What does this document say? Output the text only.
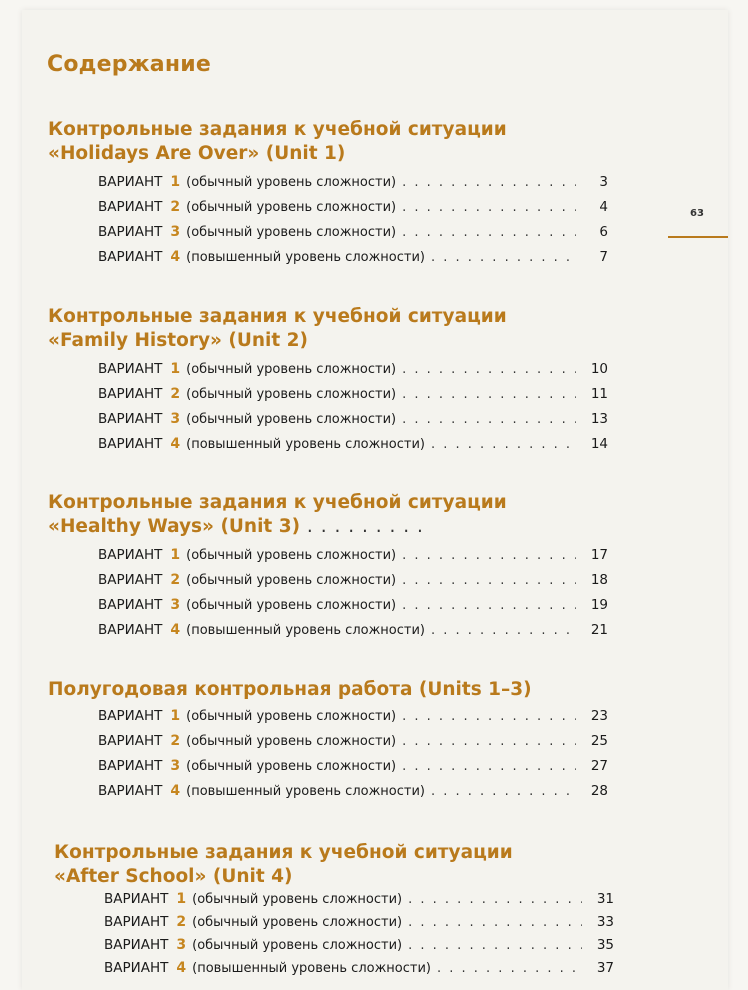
Содержание
63
Контрольные задания к учебной ситуации
«Holidays Are Over» (Unit 1)
ВАРИАНТ 1 (обычный уровень сложности) . . .	3
ВАРИАНТ 2 (обычный уровень сложности) . . .	4
ВАРИАНТ 3 (обычный уровень сложности) . . .	6
ВАРИАНТ 4 (повышенный уровень сложности) . . .	7
Контрольные задания к учебной ситуации
«Family History» (Unit 2)
ВАРИАНТ 1 (обычный уровень сложности) . . .	10
ВАРИАНТ 2 (обычный уровень сложности) . . .	11
ВАРИАНТ 3 (обычный уровень сложности) . . .	13
ВАРИАНТ 4 (повышенный уровень сложности) . . .	14
Контрольные задания к учебной ситуации
«Healthy Ways» (Unit 3) . . .
ВАРИАНТ 1 (обычный уровень сложности) . . .	17
ВАРИАНТ 2 (обычный уровень сложности) . . .	18
ВАРИАНТ 3 (обычный уровень сложности) . . .	19
ВАРИАНТ 4 (повышенный уровень сложности) . . .	21
Полугодовая контрольная работа (Units 1–3)
ВАРИАНТ 1 (обычный уровень сложности) . . .	23
ВАРИАНТ 2 (обычный уровень сложности) . . .	25
ВАРИАНТ 3 (обычный уровень сложности) . . .	27
ВАРИАНТ 4 (повышенный уровень сложности) . . .	28
Контрольные задания к учебной ситуации
«After School» (Unit 4)
ВАРИАНТ 1 (обычный уровень сложности) . . .	31
ВАРИАНТ 2 (обычный уровень сложности) . . .	33
ВАРИАНТ 3 (обычный уровень сложности) . . .	35
ВАРИАНТ 4 (повышенный уровень сложности) . . .	37
